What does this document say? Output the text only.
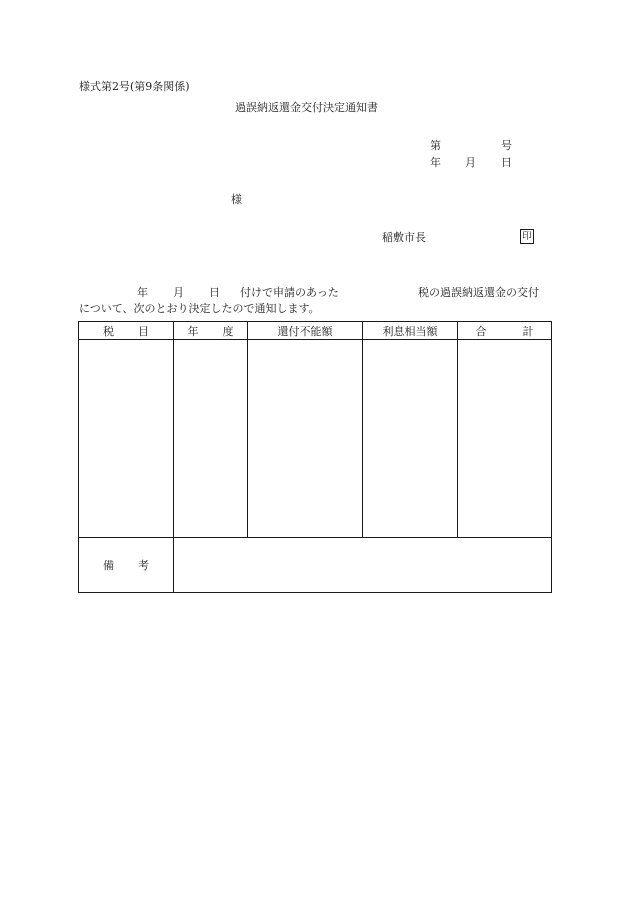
様式第2号(第9条関係)
過誤納返還金交付決定通知書
第	号
年 月 日
様
稲敷市長	印
年 月 日 付けで申請のあった	税の過誤納返還金の交付
について、次のとおり決定したので通知します。
税 目	年 度	還付不能額	利息相当額	合 計

備 考				
